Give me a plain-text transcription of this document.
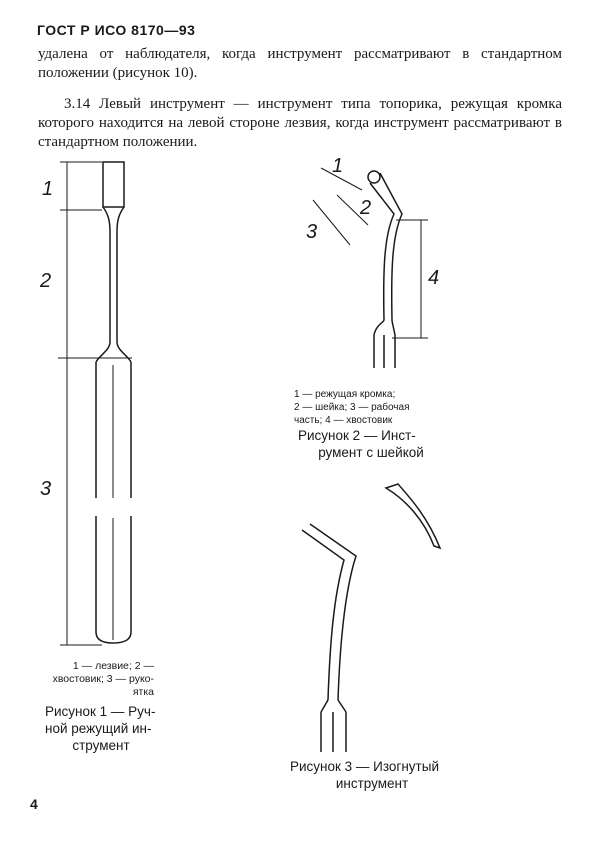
ГОСТ Р ИСО 8170—93

удалена от наблюдателя, когда инструмент рассматривают в стандартном положении (рисунок 10).

3.14 Левый инструмент — инструмент типа топорика, режущая кромка которого находится на левой стороне лезвия, когда инструмент рассматривают в стандартном положении.

1
2
3
1
2
3
4
1 — лезвие; 2 —
хвостовик; 3 — руко-
ятка
Рисунок 1 — Руч-
ной режущий ин-
струмент
1 — режущая кромка;
2 — шейка; 3 — рабочая
часть; 4 — хвостовик
Рисунок 2 — Инст-
румент с шейкой
Рисунок 3 — Изогнутый
инструмент
4
